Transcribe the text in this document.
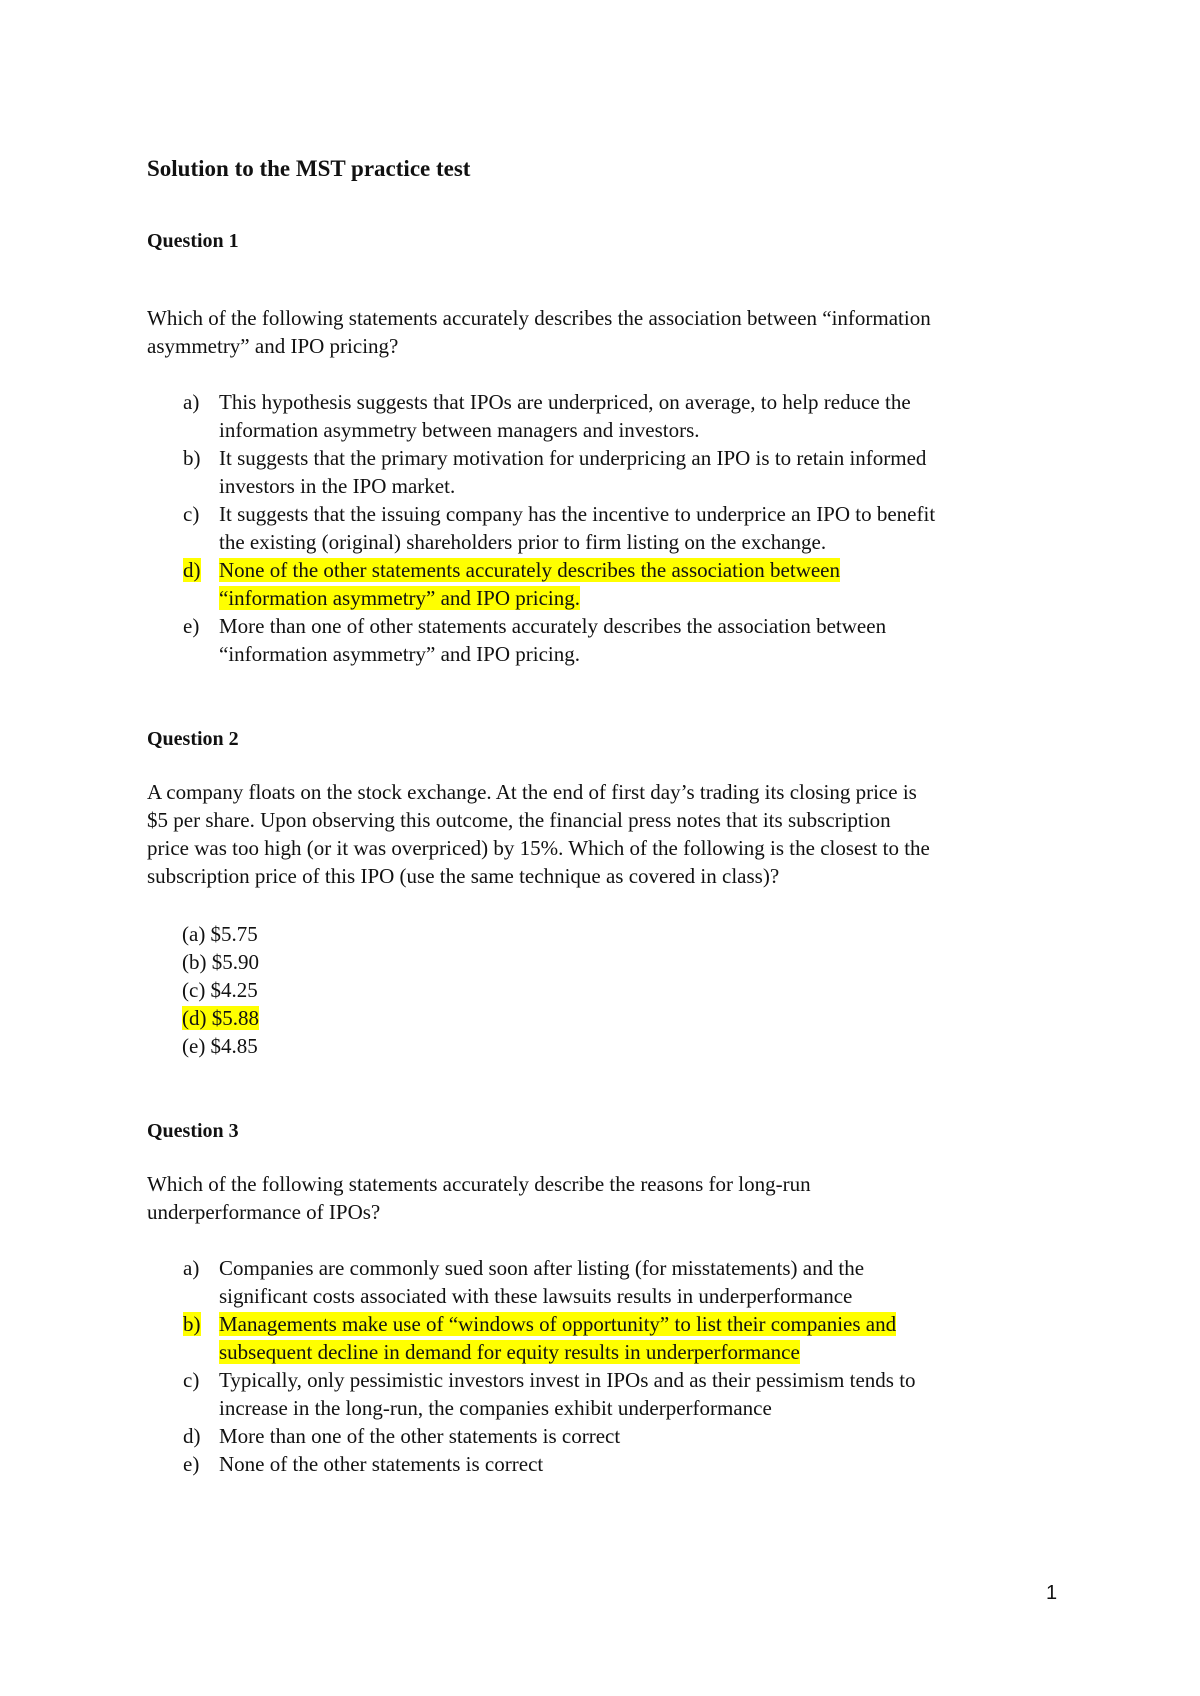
Solution to the MST practice test
Question 1
Which of the following statements accurately describes the association between “information
asymmetry” and IPO pricing?
a) This hypothesis suggests that IPOs are underpriced, on average, to help reduce the
information asymmetry between managers and investors.
b) It suggests that the primary motivation for underpricing an IPO is to retain informed
investors in the IPO market.
c) It suggests that the issuing company has the incentive to underprice an IPO to benefit
the existing (original) shareholders prior to firm listing on the exchange.
d) None of the other statements accurately describes the association between
“information asymmetry” and IPO pricing.
e) More than one of other statements accurately describes the association between
“information asymmetry” and IPO pricing.
Question 2
A company floats on the stock exchange. At the end of first day’s trading its closing price is
$5 per share. Upon observing this outcome, the financial press notes that its subscription
price was too high (or it was overpriced) by 15%. Which of the following is the closest to the
subscription price of this IPO (use the same technique as covered in class)?
(a) $5.75
(b) $5.90
(c) $4.25
(d) $5.88
(e) $4.85
Question 3
Which of the following statements accurately describe the reasons for long-run
underperformance of IPOs?
a) Companies are commonly sued soon after listing (for misstatements) and the
significant costs associated with these lawsuits results in underperformance
b) Managements make use of “windows of opportunity” to list their companies and
subsequent decline in demand for equity results in underperformance
c) Typically, only pessimistic investors invest in IPOs and as their pessimism tends to
increase in the long-run, the companies exhibit underperformance
d) More than one of the other statements is correct
e) None of the other statements is correct
1
